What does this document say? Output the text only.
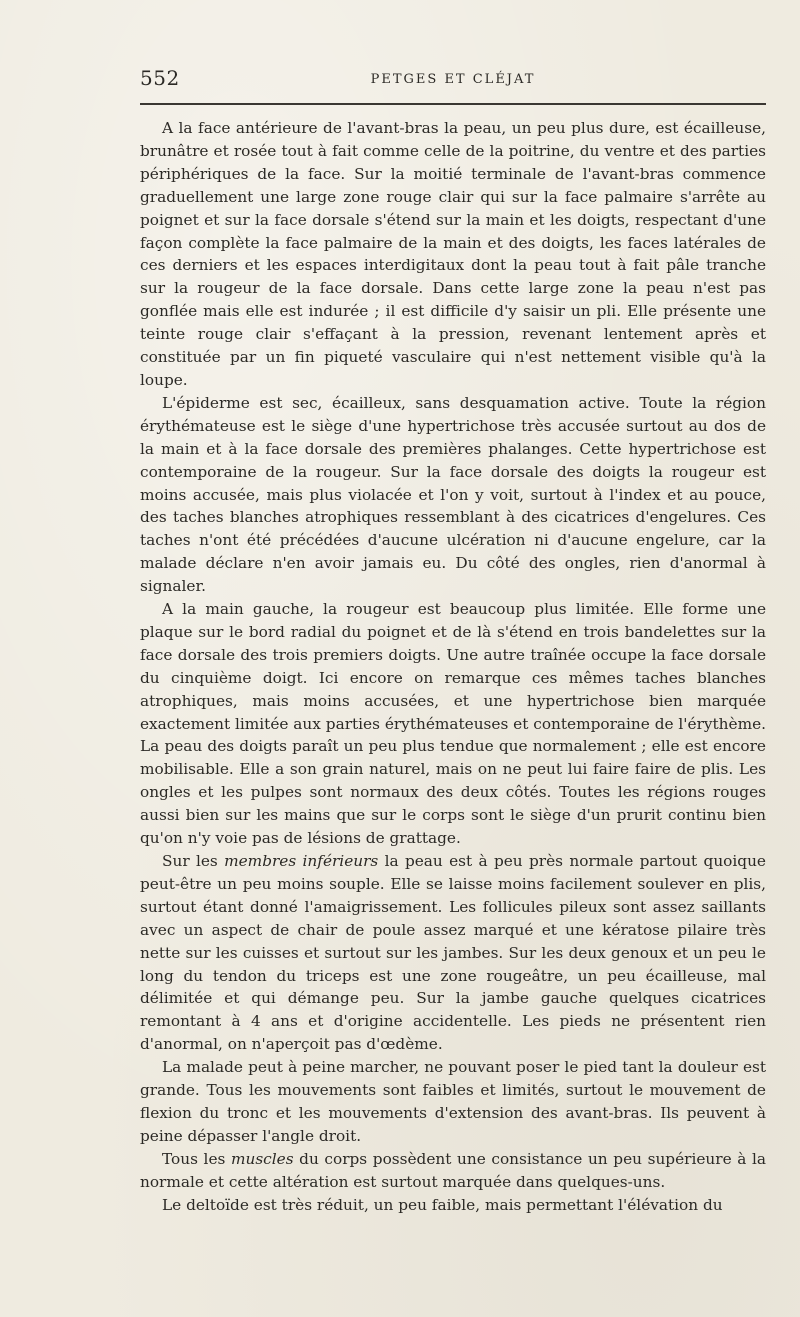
552	PETGES ET CLÉJAT

A la face antérieure de l'avant-bras la peau, un peu plus dure, est écailleuse, brunâtre et rosée tout à fait comme celle de la poitrine, du ventre et des parties périphériques de la face. Sur la moitié terminale de l'avant-bras commence graduellement une large zone rouge clair qui sur la face palmaire s'arrête au poignet et sur la face dorsale s'étend sur la main et les doigts, respectant d'une façon complète la face palmaire de la main et des doigts, les faces latérales de ces derniers et les espaces interdigitaux dont la peau tout à fait pâle tranche sur la rougeur de la face dorsale. Dans cette large zone la peau n'est pas gonflée mais elle est indurée ; il est difficile d'y saisir un pli. Elle présente une teinte rouge clair s'effaçant à la pression, revenant lentement après et constituée par un fin piqueté vasculaire qui n'est nettement visible qu'à la loupe.

L'épiderme est sec, écailleux, sans desquamation active. Toute la région érythémateuse est le siège d'une hypertrichose très accusée surtout au dos de la main et à la face dorsale des premières phalanges. Cette hypertrichose est contemporaine de la rougeur. Sur la face dorsale des doigts la rougeur est moins accusée, mais plus violacée et l'on y voit, surtout à l'index et au pouce, des taches blanches atrophiques ressemblant à des cicatrices d'engelures. Ces taches n'ont été précédées d'aucune ulcération ni d'aucune engelure, car la malade déclare n'en avoir jamais eu. Du côté des ongles, rien d'anormal à signaler.

A la main gauche, la rougeur est beaucoup plus limitée. Elle forme une plaque sur le bord radial du poignet et de là s'étend en trois bandelettes sur la face dorsale des trois premiers doigts. Une autre traînée occupe la face dorsale du cinquième doigt. Ici encore on remarque ces mêmes taches blanches atrophiques, mais moins accusées, et une hypertrichose bien marquée exactement limitée aux parties érythémateuses et contemporaine de l'érythème. La peau des doigts paraît un peu plus tendue que normalement ; elle est encore mobilisable. Elle a son grain naturel, mais on ne peut lui faire faire de plis. Les ongles et les pulpes sont normaux des deux côtés. Toutes les régions rouges aussi bien sur les mains que sur le corps sont le siège d'un prurit continu bien qu'on n'y voie pas de lésions de grattage.

Sur les membres inférieurs la peau est à peu près normale partout quoique peut-être un peu moins souple. Elle se laisse moins facilement soulever en plis, surtout étant donné l'amaigrissement. Les follicules pileux sont assez saillants avec un aspect de chair de poule assez marqué et une kératose pilaire très nette sur les cuisses et surtout sur les jambes. Sur les deux genoux et un peu le long du tendon du triceps est une zone rougeâtre, un peu écailleuse, mal délimitée et qui démange peu. Sur la jambe gauche quelques cicatrices remontant à 4 ans et d'origine accidentelle. Les pieds ne présentent rien d'anormal, on n'aperçoit pas d'œdème.

La malade peut à peine marcher, ne pouvant poser le pied tant la douleur est grande. Tous les mouvements sont faibles et limités, surtout le mouvement de flexion du tronc et les mouvements d'extension des avant-bras. Ils peuvent à peine dépasser l'angle droit.

Tous les muscles du corps possèdent une consistance un peu supérieure à la normale et cette altération est surtout marquée dans quelques-uns.

Le deltoïde est très réduit, un peu faible, mais permettant l'élévation du
